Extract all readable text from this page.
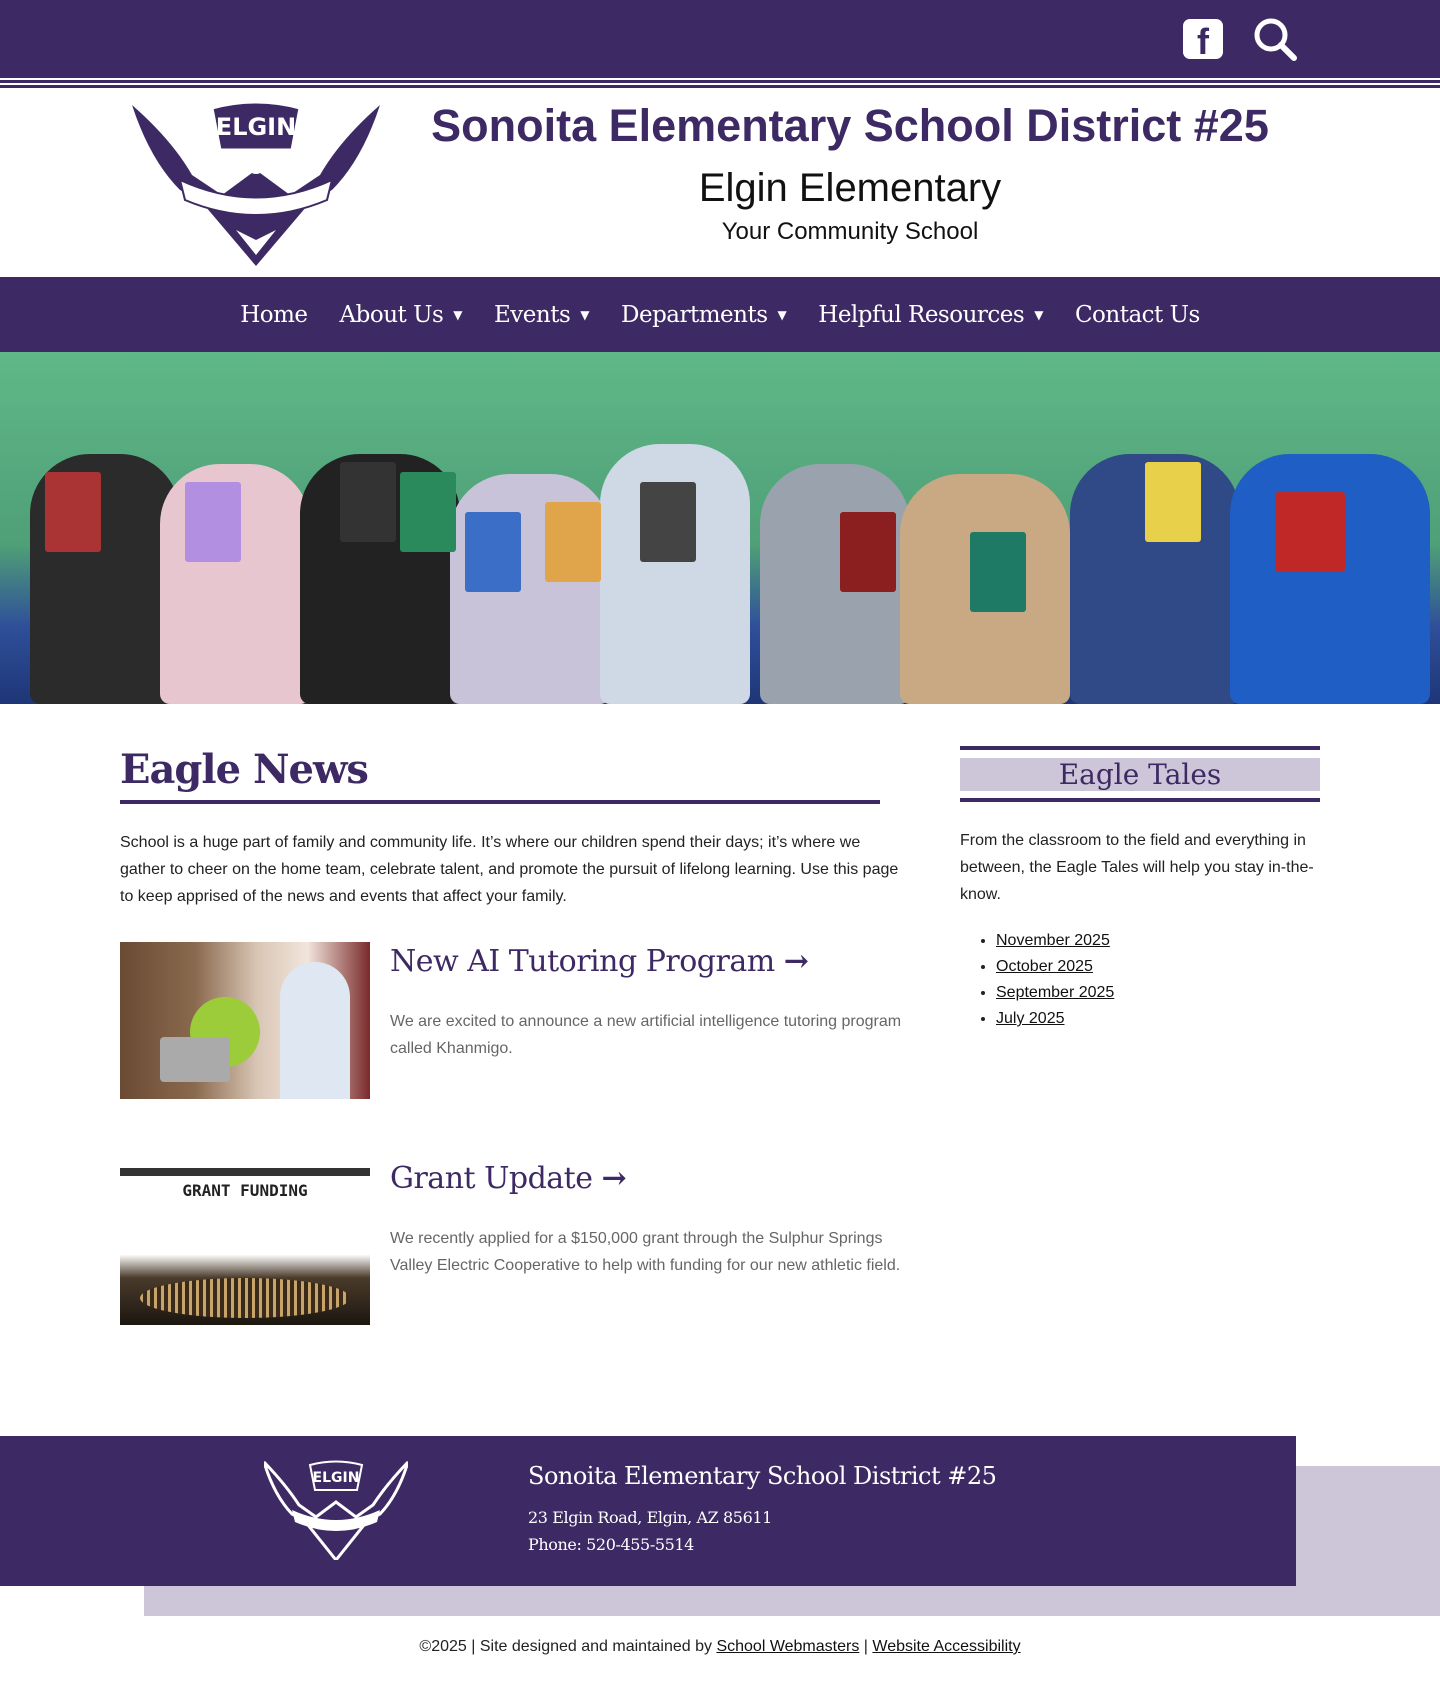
f
ELGIN	Sonoita Elementary School District #25
Elgin Elementary
Your Community School
Home About Us ▼ Events ▼ Departments ▼ Helpful Resources ▼ Contact Us
Eagle News

School is a huge part of family and community life. It’s where our children spend their days; it’s where we gather to cheer on the home team, celebrate talent, and promote the pursuit of lifelong learning. Use this page to keep apprised of the news and events that affect your family.

New AI Tutoring Program →

We are excited to announce a new artificial intelligence tutoring program called Khanmigo.

GRANT FUNDING	Grant Update →

We recently applied for a $150,000 grant through the Sulphur Springs Valley Electric Cooperative to help with funding for our new athletic field.

Eagle Tales

From the classroom to the field and everything in between, the Eagle Tales will help you stay in-the-know.

• November 2025
• October 2025
• September 2025
• July 2025
ELGIN	Sonoita Elementary School District #25
23 Elgin Road, Elgin, AZ 85611
Phone: 520-455-5514
©2025 | Site designed and maintained by School Webmasters | Website Accessibility
